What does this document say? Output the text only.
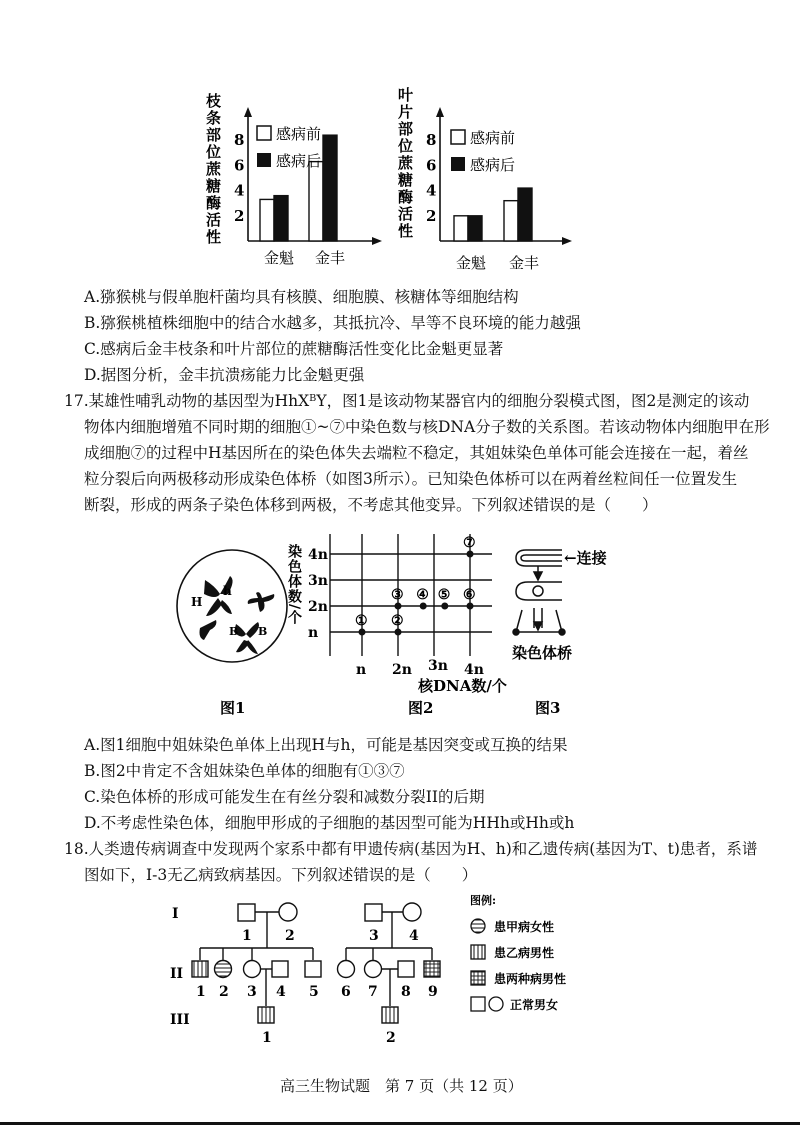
枝条部位蔗糖酶活性 2
4
6
8 感病前
感病后
金魁 金丰
叶片部位蔗糖酶活性 2
4
6
8 感病前
感病后
金魁 金丰
A.猕猴桃与假单胞杆菌均具有核膜、细胞膜、核糖体等细胞结构
B.猕猴桃植株细胞中的结合水越多，其抵抗冷、旱等不良环境的能力越强
C.感病后金丰枝条和叶片部位的蔗糖酶活性变化比金魁更显著
D.据图分析，金丰抗溃疡能力比金魁更强
17.某雄性哺乳动物的基因型为HhXᴮY，图1是该动物某器官内的细胞分裂模式图，图2是测定的该动
物体内细胞增殖不同时期的细胞①~⑦中染色数与核DNA分子数的关系图。若该动物体内细胞甲在形
成细胞⑦的过程中H基因所在的染色体失去端粒不稳定，其姐妹染色单体可能会连接在一起，着丝
粒分裂后向两极移动形成染色体桥（如图3所示）。已知染色体桥可以在两着丝粒间任一位置发生
断裂，形成的两条子染色体移到两极，不考虑其他变异。下列叙述错误的是（　　）
H
h
B B
图1
染色体数/个
n
2n
3n
4n
n 2n 3n 4n
① ②
③ ④ ⑤ ⑥
⑦
核DNA数/个
图2
←连接
染色体桥
图3
A.图1细胞中姐妹染色单体上出现H与h，可能是基因突变或互换的结果
B.图2中肯定不含姐妹染色单体的细胞有①③⑦
C.染色体桥的形成可能发生在有丝分裂和减数分裂II的后期
D.不考虑性染色体，细胞甲形成的子细胞的基因型可能为HHh或Hh或h
18.人类遗传病调查中发现两个家系中都有甲遗传病(基因为H、h)和乙遗传病(基因为T、t)患者，系谱
图如下，I-3无乙病致病基因。下列叙述错误的是（　　）
I
II
III
1 2	3 4
1 2 3 4 5 6 7 8 9
1	2
图例:
患甲病女性
患乙病男性
患两种病男性
正常男女
高三生物试题　第 7 页（共 12 页）
